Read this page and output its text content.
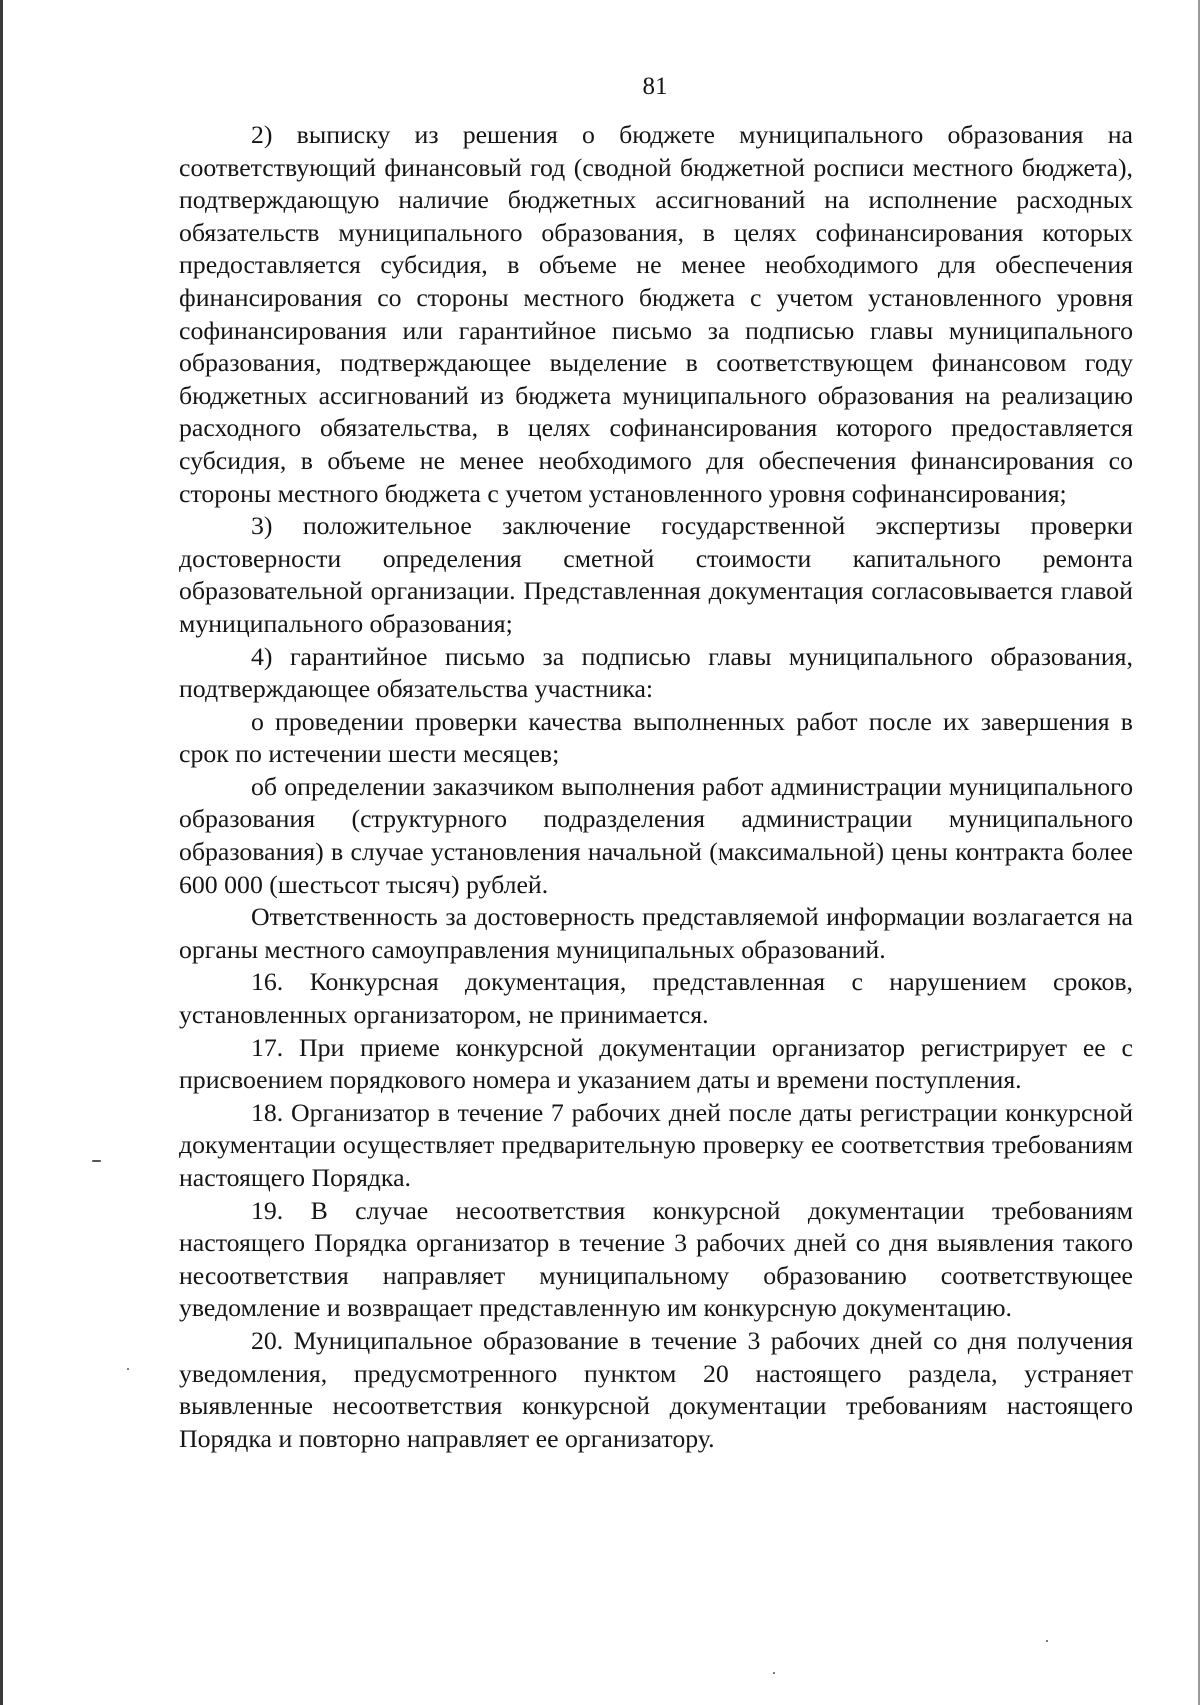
81

2) выписку из решения о бюджете муниципального образования на соответствующий финансовый год (сводной бюджетной росписи местного бюджета), подтверждающую наличие бюджетных ассигнований на исполнение расходных обязательств муниципального образования, в целях софинансирования которых предоставляется субсидия, в объеме не менее необходимого для обеспечения финансирования со стороны местного бюджета с учетом установленного уровня софинансирования или гарантийное письмо за подписью главы муниципального образования, подтверждающее выделение в соответствующем финансовом году бюджетных ассигнований из бюджета муниципального образования на реализацию расходного обязательства, в целях софинансирования которого предоставляется субсидия, в объеме не менее необходимого для обеспечения финансирования со стороны местного бюджета с учетом установленного уровня софинансирования;

3) положительное заключение государственной экспертизы проверки достоверности определения сметной стоимости капитального ремонта образовательной организации. Представленная документация согласовывается главой муниципального образования;

4) гарантийное письмо за подписью главы муниципального образования, подтверждающее обязательства участника:

о проведении проверки качества выполненных работ после их завершения в срок по истечении шести месяцев;

об определении заказчиком выполнения работ администрации муниципального образования (структурного подразделения администрации муниципального образования) в случае установления начальной (максимальной) цены контракта более 600 000 (шестьсот тысяч) рублей.

Ответственность за достоверность представляемой информации возлагается на органы местного самоуправления муниципальных образований.

16. Конкурсная документация, представленная с нарушением сроков, установленных организатором, не принимается.

17. При приеме конкурсной документации организатор регистрирует ее с присвоением порядкового номера и указанием даты и времени поступления.

18. Организатор в течение 7 рабочих дней после даты регистрации конкурсной документации осуществляет предварительную проверку ее соответствия требованиям настоящего Порядка.

19. В случае несоответствия конкурсной документации требованиям настоящего Порядка организатор в течение 3 рабочих дней со дня выявления такого несоответствия направляет муниципальному образованию соответствующее уведомление и возвращает представленную им конкурсную документацию.

20. Муниципальное образование в течение 3 рабочих дней со дня получения уведомления, предусмотренного пунктом 20 настоящего раздела, устраняет выявленные несоответствия конкурсной документации требованиям настоящего Порядка и повторно направляет ее организатору.
